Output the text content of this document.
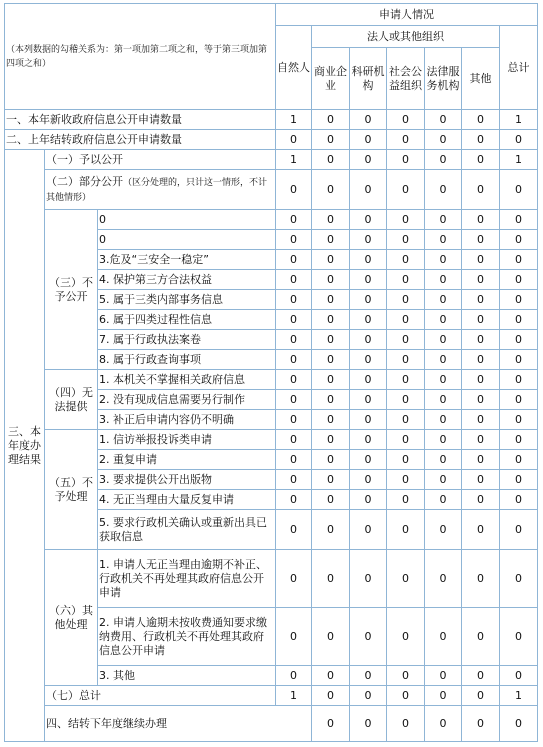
（本列数据的勾稽关系为：第一项加第二项之和，等于第三项加第四项之和）			申请人情况							
			自然人	法人或其他组织					总计	
				商业企业	科研机构	社会公益组织	法律服务机构	其他		
一、本年新收政府信息公开申请数量			1	0	0	0	0	0	1	
二、上年结转政府信息公开申请数量			0	0	0	0	0	0	0	
三、本年度办理结果	（一）予以公开		1	0	0	0	0	0	1	
	（二）部分公开（区分处理的，只计这一情形，不计其他情形）		0	0	0	0	0	0	0	
	（三）不予公开	0	0	0	0	0	0	0	0	
		0	0	0	0	0	0	0	0	
		3.危及“三安全一稳定”	0	0	0	0	0	0	0	
		4. 保护第三方合法权益	0	0	0	0	0	0	0	
		5. 属于三类内部事务信息	0	0	0	0	0	0	0	
		6. 属于四类过程性信息	0	0	0	0	0	0	0	
		7. 属于行政执法案卷	0	0	0	0	0	0	0	
		8. 属于行政查询事项	0	0	0	0	0	0	0	
	（四）无法提供	1. 本机关不掌握相关政府信息	0	0	0	0	0	0	0	
		2. 没有现成信息需要另行制作	0	0	0	0	0	0	0	
		3. 补正后申请内容仍不明确	0	0	0	0	0	0	0	
	（五）不予处理	1. 信访举报投诉类申请	0	0	0	0	0	0	0	
		2. 重复申请	0	0	0	0	0	0	0	
		3. 要求提供公开出版物	0	0	0	0	0	0	0	
		4. 无正当理由大量反复申请	0	0	0	0	0	0	0	
		5. 要求行政机关确认或重新出具已获取信息	0	0	0	0	0	0	0	
	（六）其他处理	1. 申请人无正当理由逾期不补正、行政机关不再处理其政府信息公开申请	0	0	0	0	0	0	0	
		2. 申请人逾期未按收费通知要求缴纳费用、行政机关不再处理其政府信息公开申请	0	0	0	0	0	0	0	
		3. 其他	0	0	0	0	0	0	0	
	（七）总计		1	0	0	0	0	0	1	
	四、结转下年度继续办理			0	0	0	0	0	0	
